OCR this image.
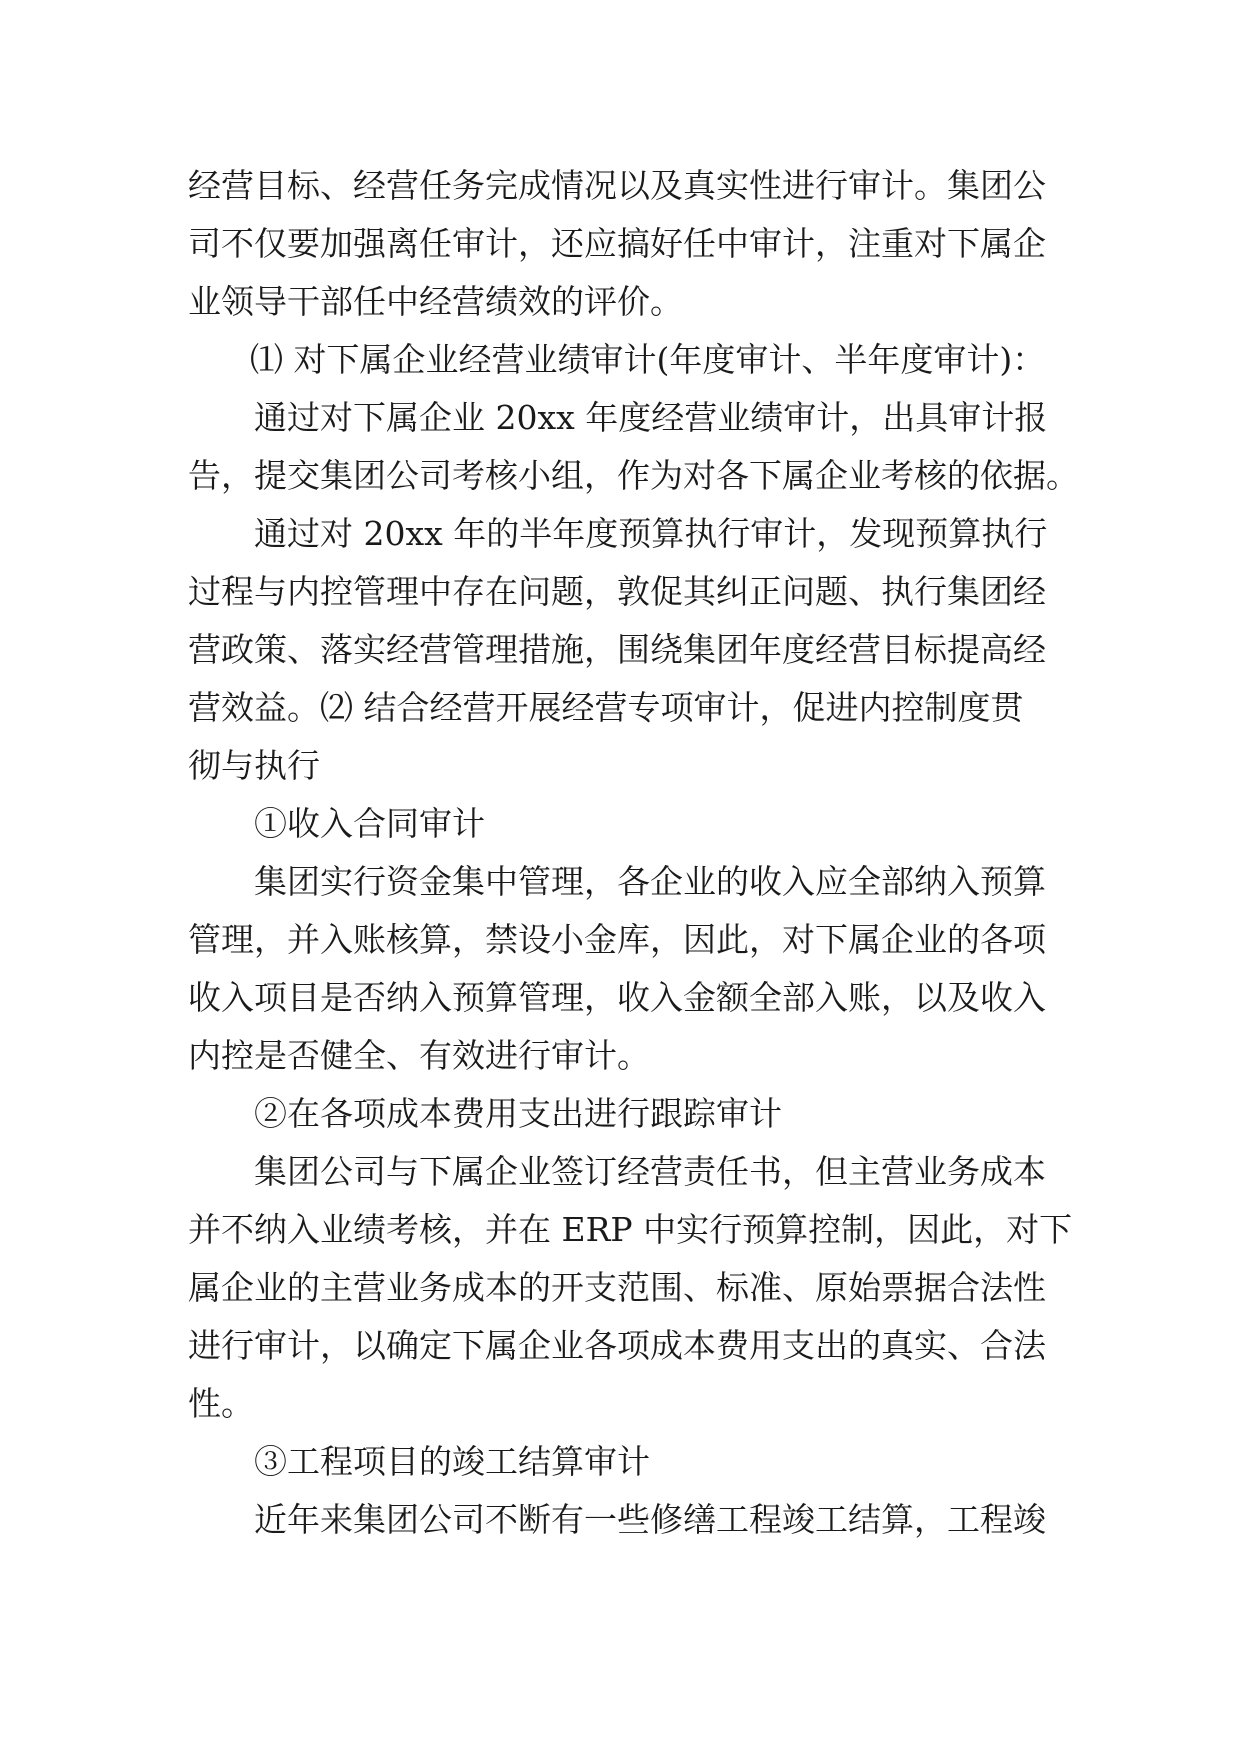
经营目标、经营任务完成情况以及真实性进行审计。集团公
司不仅要加强离任审计，还应搞好任中审计，注重对下属企
业领导干部任中经营绩效的评价。
⑴ 对下属企业经营业绩审计(年度审计、半年度审计)：
通过对下属企业 20xx 年度经营业绩审计，出具审计报
告，提交集团公司考核小组，作为对各下属企业考核的依据。
通过对 20xx 年的半年度预算执行审计，发现预算执行
过程与内控管理中存在问题，敦促其纠正问题、执行集团经
营政策、落实经营管理措施，围绕集团年度经营目标提高经
营效益。⑵ 结合经营开展经营专项审计，促进内控制度贯
彻与执行
①收入合同审计
集团实行资金集中管理，各企业的收入应全部纳入预算
管理，并入账核算，禁设小金库，因此，对下属企业的各项
收入项目是否纳入预算管理，收入金额全部入账，以及收入
内控是否健全、有效进行审计。
②在各项成本费用支出进行跟踪审计
集团公司与下属企业签订经营责任书，但主营业务成本
并不纳入业绩考核，并在 ERP 中实行预算控制，因此，对下
属企业的主营业务成本的开支范围、标准、原始票据合法性
进行审计，以确定下属企业各项成本费用支出的真实、合法
性。
③工程项目的竣工结算审计
近年来集团公司不断有一些修缮工程竣工结算，工程竣
